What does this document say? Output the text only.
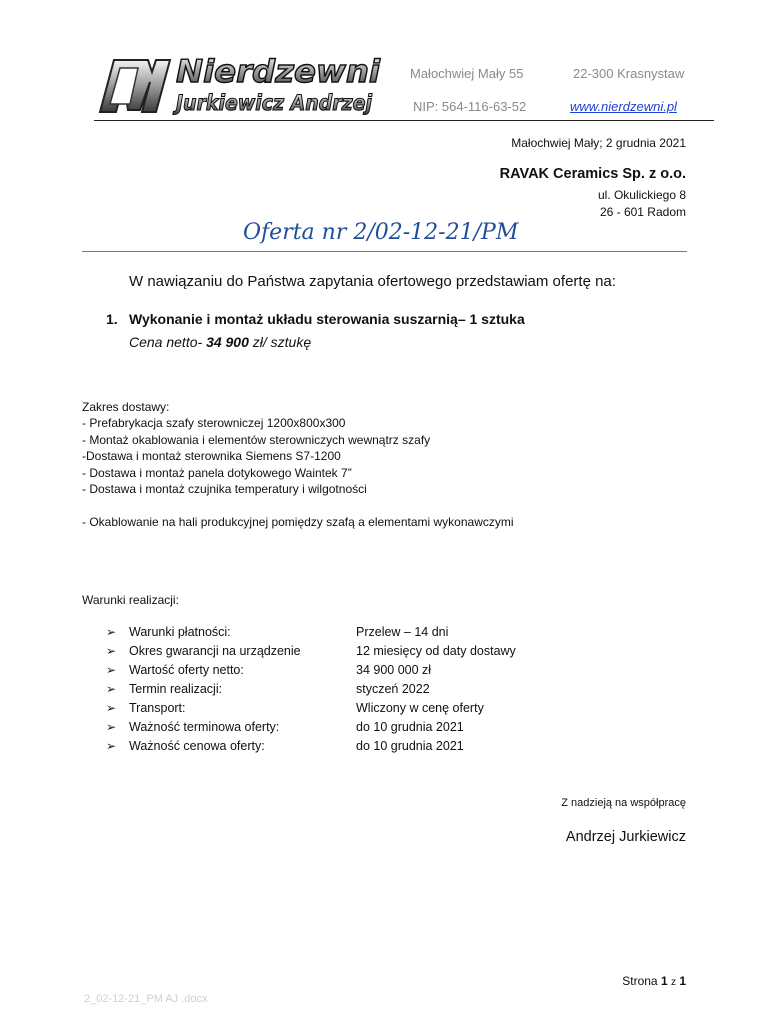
Nierdzewni
Jurkiewicz Andrzej
Małochwiej Mały 55	22-300 Krasnystaw
NIP: 564-116-63-52	www.nierdzewni.pl
Małochwiej Mały; 2 grudnia 2021
RAVAK Ceramics Sp. z o.o.
ul. Okulickiego 8
26 - 601 Radom
Oferta nr 2/02-12-21/PM
W nawiązaniu do Państwa zapytania ofertowego przedstawiam ofertę na:
1. Wykonanie i montaż układu sterowania suszarnią– 1 sztuka
Cena netto- 34 900 zł/ sztukę
Zakres dostawy:
- Prefabrykacja szafy sterowniczej 1200x800x300
- Montaż okablowania i elementów sterowniczych wewnątrz szafy
-Dostawa i montaż sterownika Siemens S7-1200
- Dostawa i montaż panela dotykowego Waintek 7”
- Dostawa i montaż czujnika temperatury i wilgotności
- Okablowanie na hali produkcyjnej pomiędzy szafą a elementami wykonawczymi
Warunki realizacji:
➢	Warunki płatności:	Przelew – 14 dni
➢	Okres gwarancji na urządzenie	12 miesięcy od daty dostawy
➢	Wartość oferty netto:	34 900 000 zł
➢	Termin realizacji:	styczeń 2022
➢	Transport:	Wliczony w cenę oferty
➢	Ważność terminowa oferty:	do 10 grudnia 2021
➢	Ważność cenowa oferty:	do 10 grudnia 2021
Z nadzieją na współpracę
Andrzej Jurkiewicz
Strona 1 z 1
2_02-12-21_PM AJ .docx
